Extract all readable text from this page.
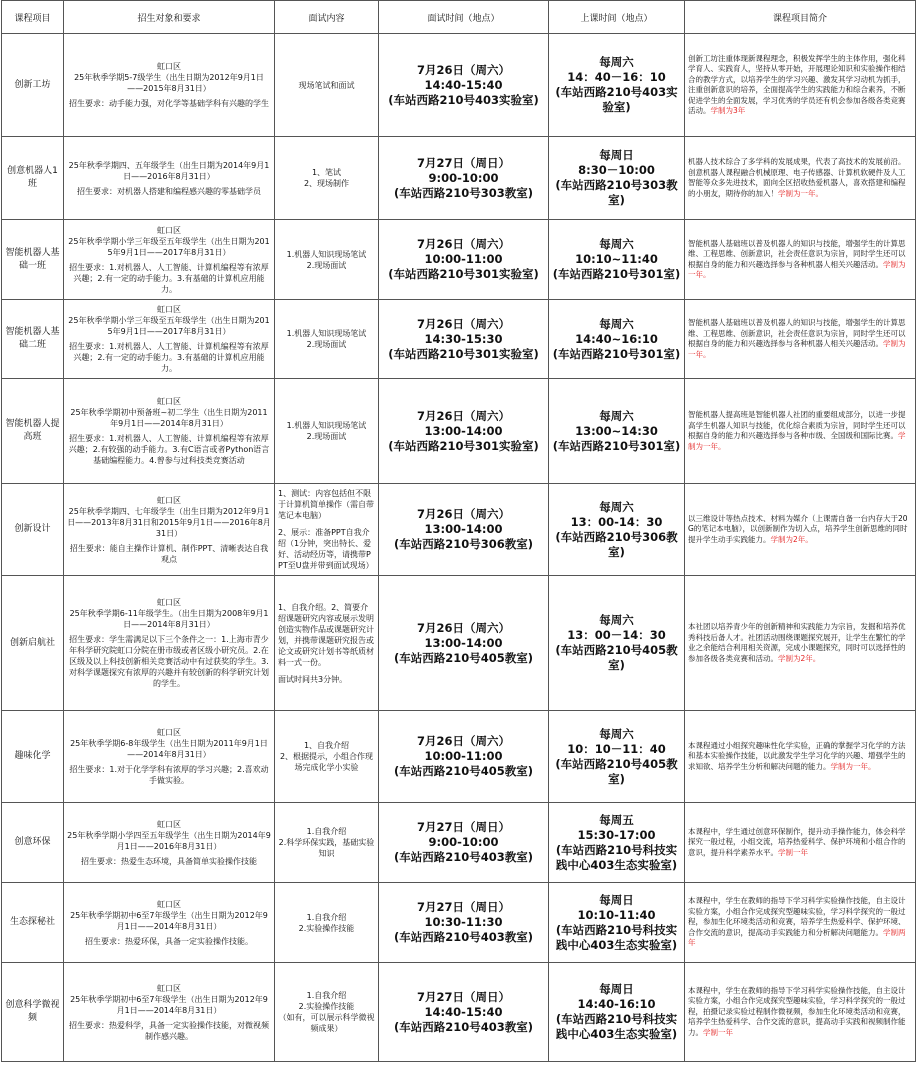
课程项目	招生对象和要求	面试内容	面试时间（地点）	上课时间（地点）	课程项目简介
创新工坊	虹口区
25年秋季学期5-7级学生（出生日期为2012年9月1日——2015年8月31日）
招生要求：动手能力强，对化学等基础学科有兴趣的学生	现场笔试和面试	7月26日（周六）
14:40-15:40
(车站西路210号403实验室)	每周六
14：40－16：10
(车站西路210号403实验室)	创新工坊注重体现新课程理念，积极发挥学生的主体作用，强化科学育人、实践育人，坚持从零开始，开展理论知识和实验操作相结合的教学方式，以培养学生的学习兴趣、激发其学习动机为抓手，注重创新意识的培养，全面提高学生的实践能力和综合素养，不断促进学生的全面发展，学习优秀的学员还有机会参加各级各类竞赛活动。学制为3年
创意机器人1班	25年秋季学期四、五年级学生（出生日期为2014年9月1日——2016年8月31日）
招生要求：对机器人搭建和编程感兴趣的零基础学员	1、笔试
2、现场制作	7月27日（周日）
9:00-10:00
(车站西路210号303教室)	每周日
8:30－10:00
(车站西路210号303教室)	机器人技术综合了多学科的发展成果，代表了高技术的发展前沿。创意机器人课程融合机械原理、电子传感器、计算机软硬件及人工智能等众多先进技术，面向全区招收热爱机器人，喜欢搭建和编程的小朋友，期待你的加入！学制为一年。
智能机器人基础一班	虹口区
25年秋季学期小学三年级至五年级学生（出生日期为2015年9月1日——2017年8月31日）
招生要求：1.对机器人、人工智能、计算机编程等有浓厚兴趣；2.有一定的动手能力。3.有基础的计算机应用能力。	1.机器人知识现场笔试
2.现场面试	7月26日（周六）
10:00-11:00
(车站西路210号301实验室)	每周六
10:10~11:40
(车站西路210号301室)	智能机器人基础班以普及机器人的知识与技能，增强学生的计算思维、工程思维、创新意识，社会责任意识为宗旨，同时学生还可以根据自身的能力和兴趣选择参与各种机器人相关兴趣活动。学制为一年。
智能机器人基础二班	虹口区
25年秋季学期小学三年级至五年级学生（出生日期为2015年9月1日——2017年8月31日）
招生要求：1.对机器人、人工智能、计算机编程等有浓厚兴趣；2.有一定的动手能力。3.有基础的计算机应用能力。	1.机器人知识现场笔试
2.现场面试	7月26日（周六）
14:30-15:30
(车站西路210号301实验室)	每周六
14:40~16:10
(车站西路210号301室)	智能机器人基础班以普及机器人的知识与技能，增强学生的计算思维、工程思维、创新意识，社会责任意识为宗旨，同时学生还可以根据自身的能力和兴趣选择参与各种机器人相关兴趣活动。学制为一年。
智能机器人提高班	虹口区
25年秋季学期初中预备班~初二学生（出生日期为2011年9月1日——2014年8月31日）
招生要求：1.对机器人、人工智能、计算机编程等有浓厚兴趣；2.有较强的动手能力。3.有C语言或者Python语言基础编程能力。4.曾参与过科技类竞赛活动	1.机器人知识现场笔试
2.现场面试	7月26日（周六）
13:00-14:00
(车站西路210号301实验室)	每周六
13:00~14:30
(车站西路210号301室)	智能机器人提高班是智能机器人社团的重要组成部分，以进一步提高学生机器人知识与技能，优化综合素质为宗旨，同时学生还可以根据自身的能力和兴趣选择参与各种市级、全国级和国际比赛。学制为一年。
创新设计	虹口区
25年秋季学期四、七年级学生（出生日期为2012年9月1日——2013年8月31日和2015年9月1日——2016年8月31日）
招生要求：能自主操作计算机、制作PPT、清晰表达自我观点	1、测试：内容包括但不限于计算机简单操作（需自带笔记本电脑）
2、展示：准备PPT自我介绍（1分钟，突出特长、爱好、活动经历等，请携带PPT至U盘并带到面试现场）	7月26日（周六）
13:00-14:00
(车站西路210号306教室)	每周六
13：00-14：30
(车站西路210号306教室)	以三维设计等热点技术、材料为媒介（上课需自备一台内存大于20G的笔记本电脑），以创新制作为切入点，培养学生创新思维的同时提升学生动手实践能力。学制为2年。
创新启航社	虹口区
25年秋季学期6-11年级学生。（出生日期为2008年9月1日——2014年8月31日）
招生要求：学生需满足以下三个条件之一：1.上海市青少年科学研究院虹口分院在册市级或者区级小研究员。2.在区级及以上科技创新相关竞赛活动中有过获奖的学生。3.对科学课题探究有浓厚的兴趣并有较创新的科学研究计划的学生。	1、自我介绍。2、简要介绍课题研究内容或展示发明创造实物作品或课题研究计划，并携带课题研究报告或论文或研究计划书等纸质材料一式一份。
面试时间共3分钟。	7月26日（周六）
13:00-14:00
(车站西路210号405教室)	每周六
13：00－14：30
(车站西路210号405教室)	本社团以培养青少年的创新精神和实践能力为宗旨，发掘和培养优秀科技后备人才。社团活动围绕课题探究展开，让学生在繁忙的学业之余能结合利用相关资源，完成小课题探究，同时可以选择性的参加各级各类竞赛和活动。学制为2年。
趣味化学	虹口区
25年秋季学期6-8年级学生（出生日期为2011年9月1日——2014年8月31日）
招生要求：1.对于化学学科有浓厚的学习兴趣；2.喜欢动手做实验。	1、自我介绍
2、根据提示，小组合作现场完成化学小实验	7月26日（周六）
10:00-11:00
(车站西路210号405教室)	每周六
10：10－11：40
(车站西路210号405教室)	本课程通过小组探究趣味性化学实验，正确的掌握学习化学的方法和基本实验操作技能，以此激发学生学习化学的兴趣、增强学生的求知欲、培养学生分析和解决问题的能力。学制为一年。
创意环保	虹口区
25年秋季学期小学四至五年级学生（出生日期为2014年9月1日——2016年8月31日）
招生要求：热爱生态环境，具备简单实验操作技能	1.自我介绍
2.科学环保实践，基础实验知识	7月27日（周日）
9:00-10:00
(车站西路210号403教室)	每周五
15:30-17:00
(车站西路210号科技实践中心403生态实验室)	本课程中，学生通过创意环保制作，提升动手操作能力，体会科学探究一般过程，小组交流，培养热爱科学、保护环境和小组合作的意识，提升科学素养水平。学制一年
生态探秘社	虹口区
25年秋季学期初中6至7年级学生（出生日期为2012年9月1日——2014年8月31日）
招生要求：热爱环保，具备一定实验操作技能。	1.自我介绍
2.实验操作技能	7月27日（周日）
10:30-11:30
(车站西路210号403教室)	每周日
10:10-11:40
(车站西路210号科技实践中心403生态实验室)	本课程中，学生在教师的指导下学习科学实验操作技能，自主设计实验方案，小组合作完成探究型趣味实验，学习科学探究的一般过程，参加生化环境类活动和竞赛，培养学生热爱科学、保护环境、合作交流的意识，提高动手实践能力和分析解决问题能力。学制两年
创意科学微视频	虹口区
25年秋季学期初中6至7年级学生（出生日期为2012年9月1日——2014年8月31日）
招生要求：热爱科学，具备一定实验操作技能，对微视频制作感兴趣。	1.自我介绍
2.实验操作技能
（如有，可以展示科学微视频成果）	7月27日（周日）
14:40-15:40
(车站西路210号403教室)	每周日
14:40-16:10
(车站西路210号科技实践中心403生态实验室)	本课程中，学生在教师的指导下学习科学实验操作技能，自主设计实验方案，小组合作完成探究型趣味实验，学习科学探究的一般过程，拍摄记录实验过程制作微视频，参加生化环境类活动和竞赛，培养学生热爱科学、合作交流的意识，提高动手实践和视频制作能力。学制一年
